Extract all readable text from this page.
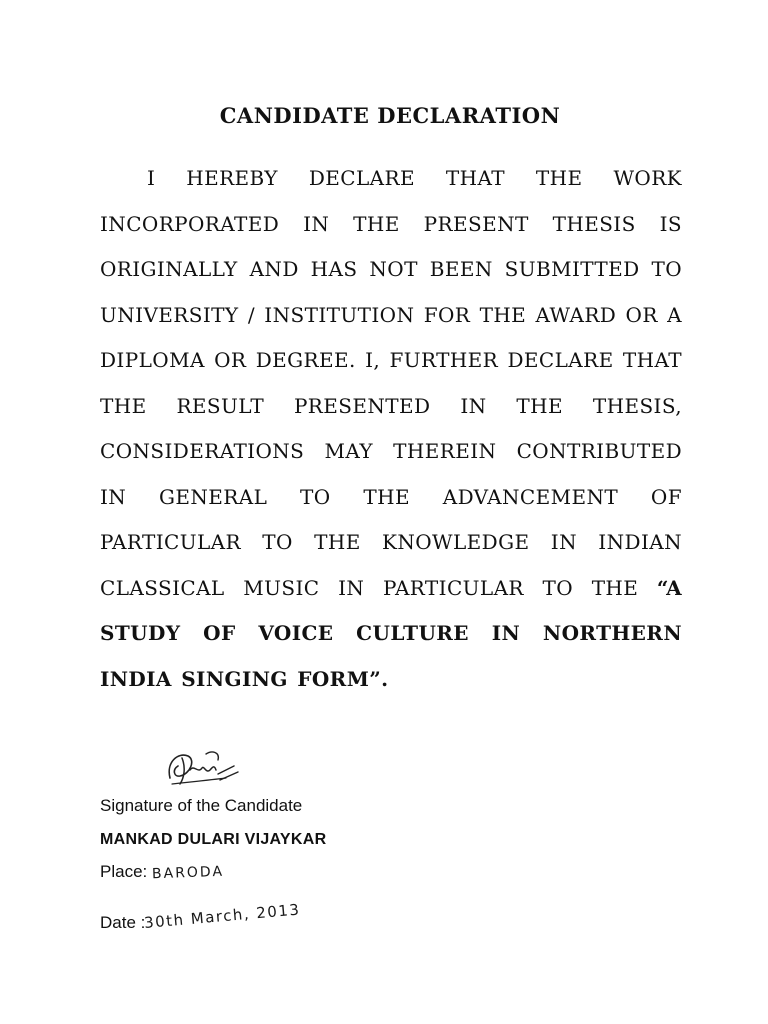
CANDIDATE DECLARATION

I HEREBY DECLARE THAT THE WORK INCORPORATED IN THE PRESENT THESIS IS ORIGINALLY AND HAS NOT BEEN SUBMITTED TO UNIVERSITY / INSTITUTION FOR THE AWARD OR A DIPLOMA OR DEGREE. I, FURTHER DECLARE THAT THE RESULT PRESENTED IN THE THESIS, CONSIDERATIONS MAY THEREIN CONTRIBUTED IN GENERAL TO THE ADVANCEMENT OF PARTICULAR TO THE KNOWLEDGE IN INDIAN CLASSICAL MUSIC IN PARTICULAR TO THE “A STUDY OF VOICE CULTURE IN NORTHERN INDIA SINGING FORM”.

Signature of the Candidate

MANKAD DULARI VIJAYKAR

Place: BARODA

Date :30th March, 2013
